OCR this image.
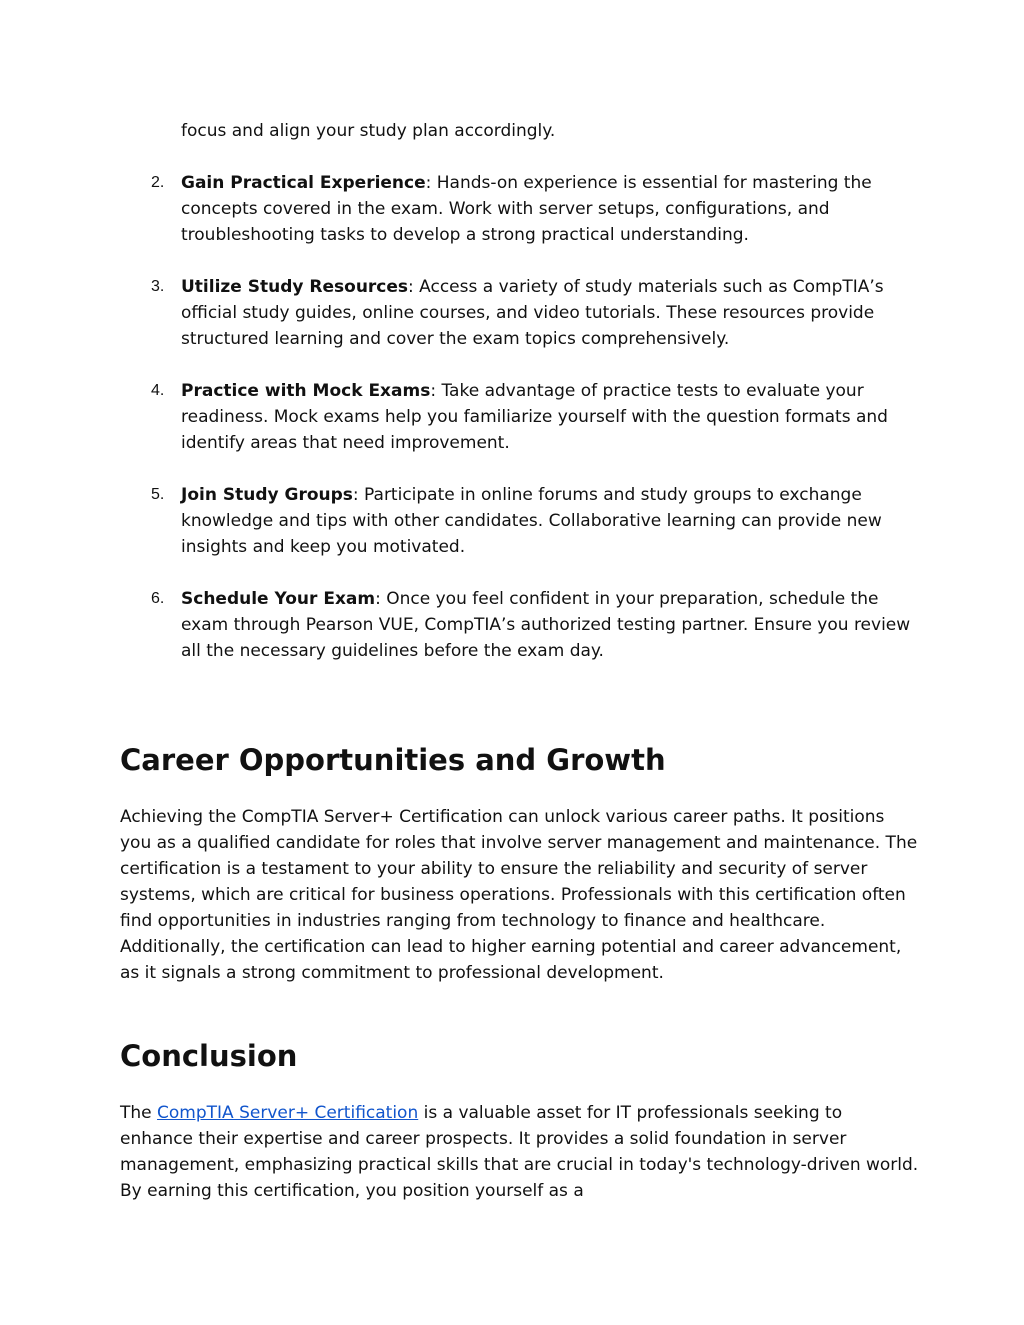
focus and align your study plan accordingly.
2. Gain Practical Experience: Hands-on experience is essential for mastering the concepts covered in the exam. Work with server setups, configurations, and troubleshooting tasks to develop a strong practical understanding.
3. Utilize Study Resources: Access a variety of study materials such as CompTIA’s official study guides, online courses, and video tutorials. These resources provide structured learning and cover the exam topics comprehensively.
4. Practice with Mock Exams: Take advantage of practice tests to evaluate your readiness. Mock exams help you familiarize yourself with the question formats and identify areas that need improvement.
5. Join Study Groups: Participate in online forums and study groups to exchange knowledge and tips with other candidates. Collaborative learning can provide new insights and keep you motivated.
6. Schedule Your Exam: Once you feel confident in your preparation, schedule the exam through Pearson VUE, CompTIA’s authorized testing partner. Ensure you review all the necessary guidelines before the exam day.
Career Opportunities and Growth

Achieving the CompTIA Server+ Certification can unlock various career paths. It positions you as a qualified candidate for roles that involve server management and maintenance. The certification is a testament to your ability to ensure the reliability and security of server systems, which are critical for business operations. Professionals with this certification often find opportunities in industries ranging from technology to finance and healthcare. Additionally, the certification can lead to higher earning potential and career advancement, as it signals a strong commitment to professional development.

Conclusion

The CompTIA Server+ Certification is a valuable asset for IT professionals seeking to enhance their expertise and career prospects. It provides a solid foundation in server management, emphasizing practical skills that are crucial in today's technology-driven world. By earning this certification, you position yourself as a
